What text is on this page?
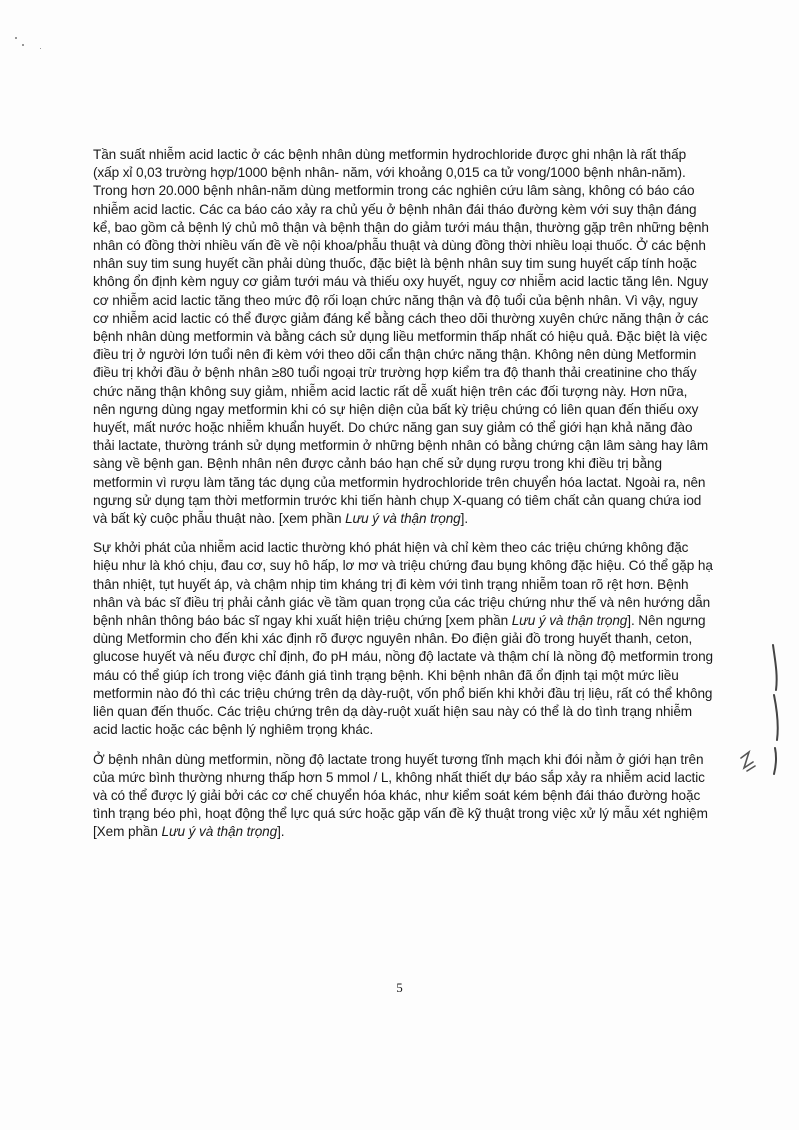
Tần suất nhiễm acid lactic ở các bệnh nhân dùng metformin hydrochloride được ghi nhận là rất thấp (xấp xỉ 0,03 trường hợp/1000 bệnh nhân- năm, với khoảng 0,015 ca tử vong/1000 bệnh nhân-năm). Trong hơn 20.000 bệnh nhân-năm dùng metformin trong các nghiên cứu lâm sàng, không có báo cáo nhiễm acid lactic. Các ca báo cáo xảy ra chủ yếu ở bệnh nhân đái tháo đường kèm với suy thận đáng kể, bao gồm cả bệnh lý chủ mô thận và bệnh thận do giảm tưới máu thận, thường gặp trên những bệnh nhân có đồng thời nhiều vấn đề về nội khoa/phẫu thuật và dùng đồng thời nhiều loại thuốc. Ở các bệnh nhân suy tim sung huyết cần phải dùng thuốc, đặc biệt là bệnh nhân suy tim sung huyết cấp tính hoặc không ổn định kèm nguy cơ giảm tưới máu và thiếu oxy huyết, nguy cơ nhiễm acid lactic tăng lên. Nguy cơ nhiễm acid lactic tăng theo mức độ rối loạn chức năng thận và độ tuổi của bệnh nhân. Vì vậy, nguy cơ nhiễm acid lactic có thể được giảm đáng kể bằng cách theo dõi thường xuyên chức năng thận ở các bệnh nhân dùng metformin và bằng cách sử dụng liều metformin thấp nhất có hiệu quả. Đặc biệt là việc điều trị ở người lớn tuổi nên đi kèm với theo dõi cẩn thận chức năng thận. Không nên dùng Metformin điều trị khởi đầu ở bệnh nhân ≥80 tuổi ngoại trừ trường hợp kiểm tra độ thanh thải creatinine cho thấy chức năng thận không suy giảm, nhiễm acid lactic rất dễ xuất hiện trên các đối tượng này. Hơn nữa, nên ngưng dùng ngay metformin khi có sự hiện diện của bất kỳ triệu chứng có liên quan đến thiếu oxy huyết, mất nước hoặc nhiễm khuẩn huyết. Do chức năng gan suy giảm có thể giới hạn khả năng đào thải lactate, thường tránh sử dụng metformin ở những bệnh nhân có bằng chứng cận lâm sàng hay lâm sàng về bệnh gan. Bệnh nhân nên được cảnh báo hạn chế sử dụng rượu trong khi điều trị bằng metformin vì rượu làm tăng tác dụng của metformin hydrochloride trên chuyển hóa lactat. Ngoài ra, nên ngưng sử dụng tạm thời metformin trước khi tiến hành chụp X-quang có tiêm chất cản quang chứa iod và bất kỳ cuộc phẫu thuật nào. [xem phần Lưu ý và thận trọng].

Sự khởi phát của nhiễm acid lactic thường khó phát hiện và chỉ kèm theo các triệu chứng không đặc hiệu như là khó chịu, đau cơ, suy hô hấp, lơ mơ và triệu chứng đau bụng không đặc hiệu. Có thể gặp hạ thân nhiệt, tụt huyết áp, và chậm nhịp tim kháng trị đi kèm với tình trạng nhiễm toan rõ rệt hơn. Bệnh nhân và bác sĩ điều trị phải cảnh giác về tầm quan trọng của các triệu chứng như thế và nên hướng dẫn bệnh nhân thông báo bác sĩ ngay khi xuất hiện triệu chứng [xem phần Lưu ý và thận trọng]. Nên ngưng dùng Metformin cho đến khi xác định rõ được nguyên nhân. Đo điện giải đồ trong huyết thanh, ceton, glucose huyết và nếu được chỉ định, đo pH máu, nồng độ lactate và thậm chí là nồng độ metformin trong máu có thể giúp ích trong việc đánh giá tình trạng bệnh. Khi bệnh nhân đã ổn định tại một mức liều metformin nào đó thì các triệu chứng trên dạ dày-ruột, vốn phổ biến khi khởi đầu trị liệu, rất có thể không liên quan đến thuốc. Các triệu chứng trên dạ dày-ruột xuất hiện sau này có thể là do tình trạng nhiễm acid lactic hoặc các bệnh lý nghiêm trọng khác.

Ở bệnh nhân dùng metformin, nồng độ lactate trong huyết tương tĩnh mạch khi đói nằm ở giới hạn trên của mức bình thường nhưng thấp hơn 5 mmol / L, không nhất thiết dự báo sắp xảy ra nhiễm acid lactic và có thể được lý giải bởi các cơ chế chuyển hóa khác, như kiểm soát kém bệnh đái tháo đường hoặc tình trạng béo phì, hoạt động thể lực quá sức hoặc gặp vấn đề kỹ thuật trong việc xử lý mẫu xét nghiệm [Xem phần Lưu ý và thận trọng].

5
